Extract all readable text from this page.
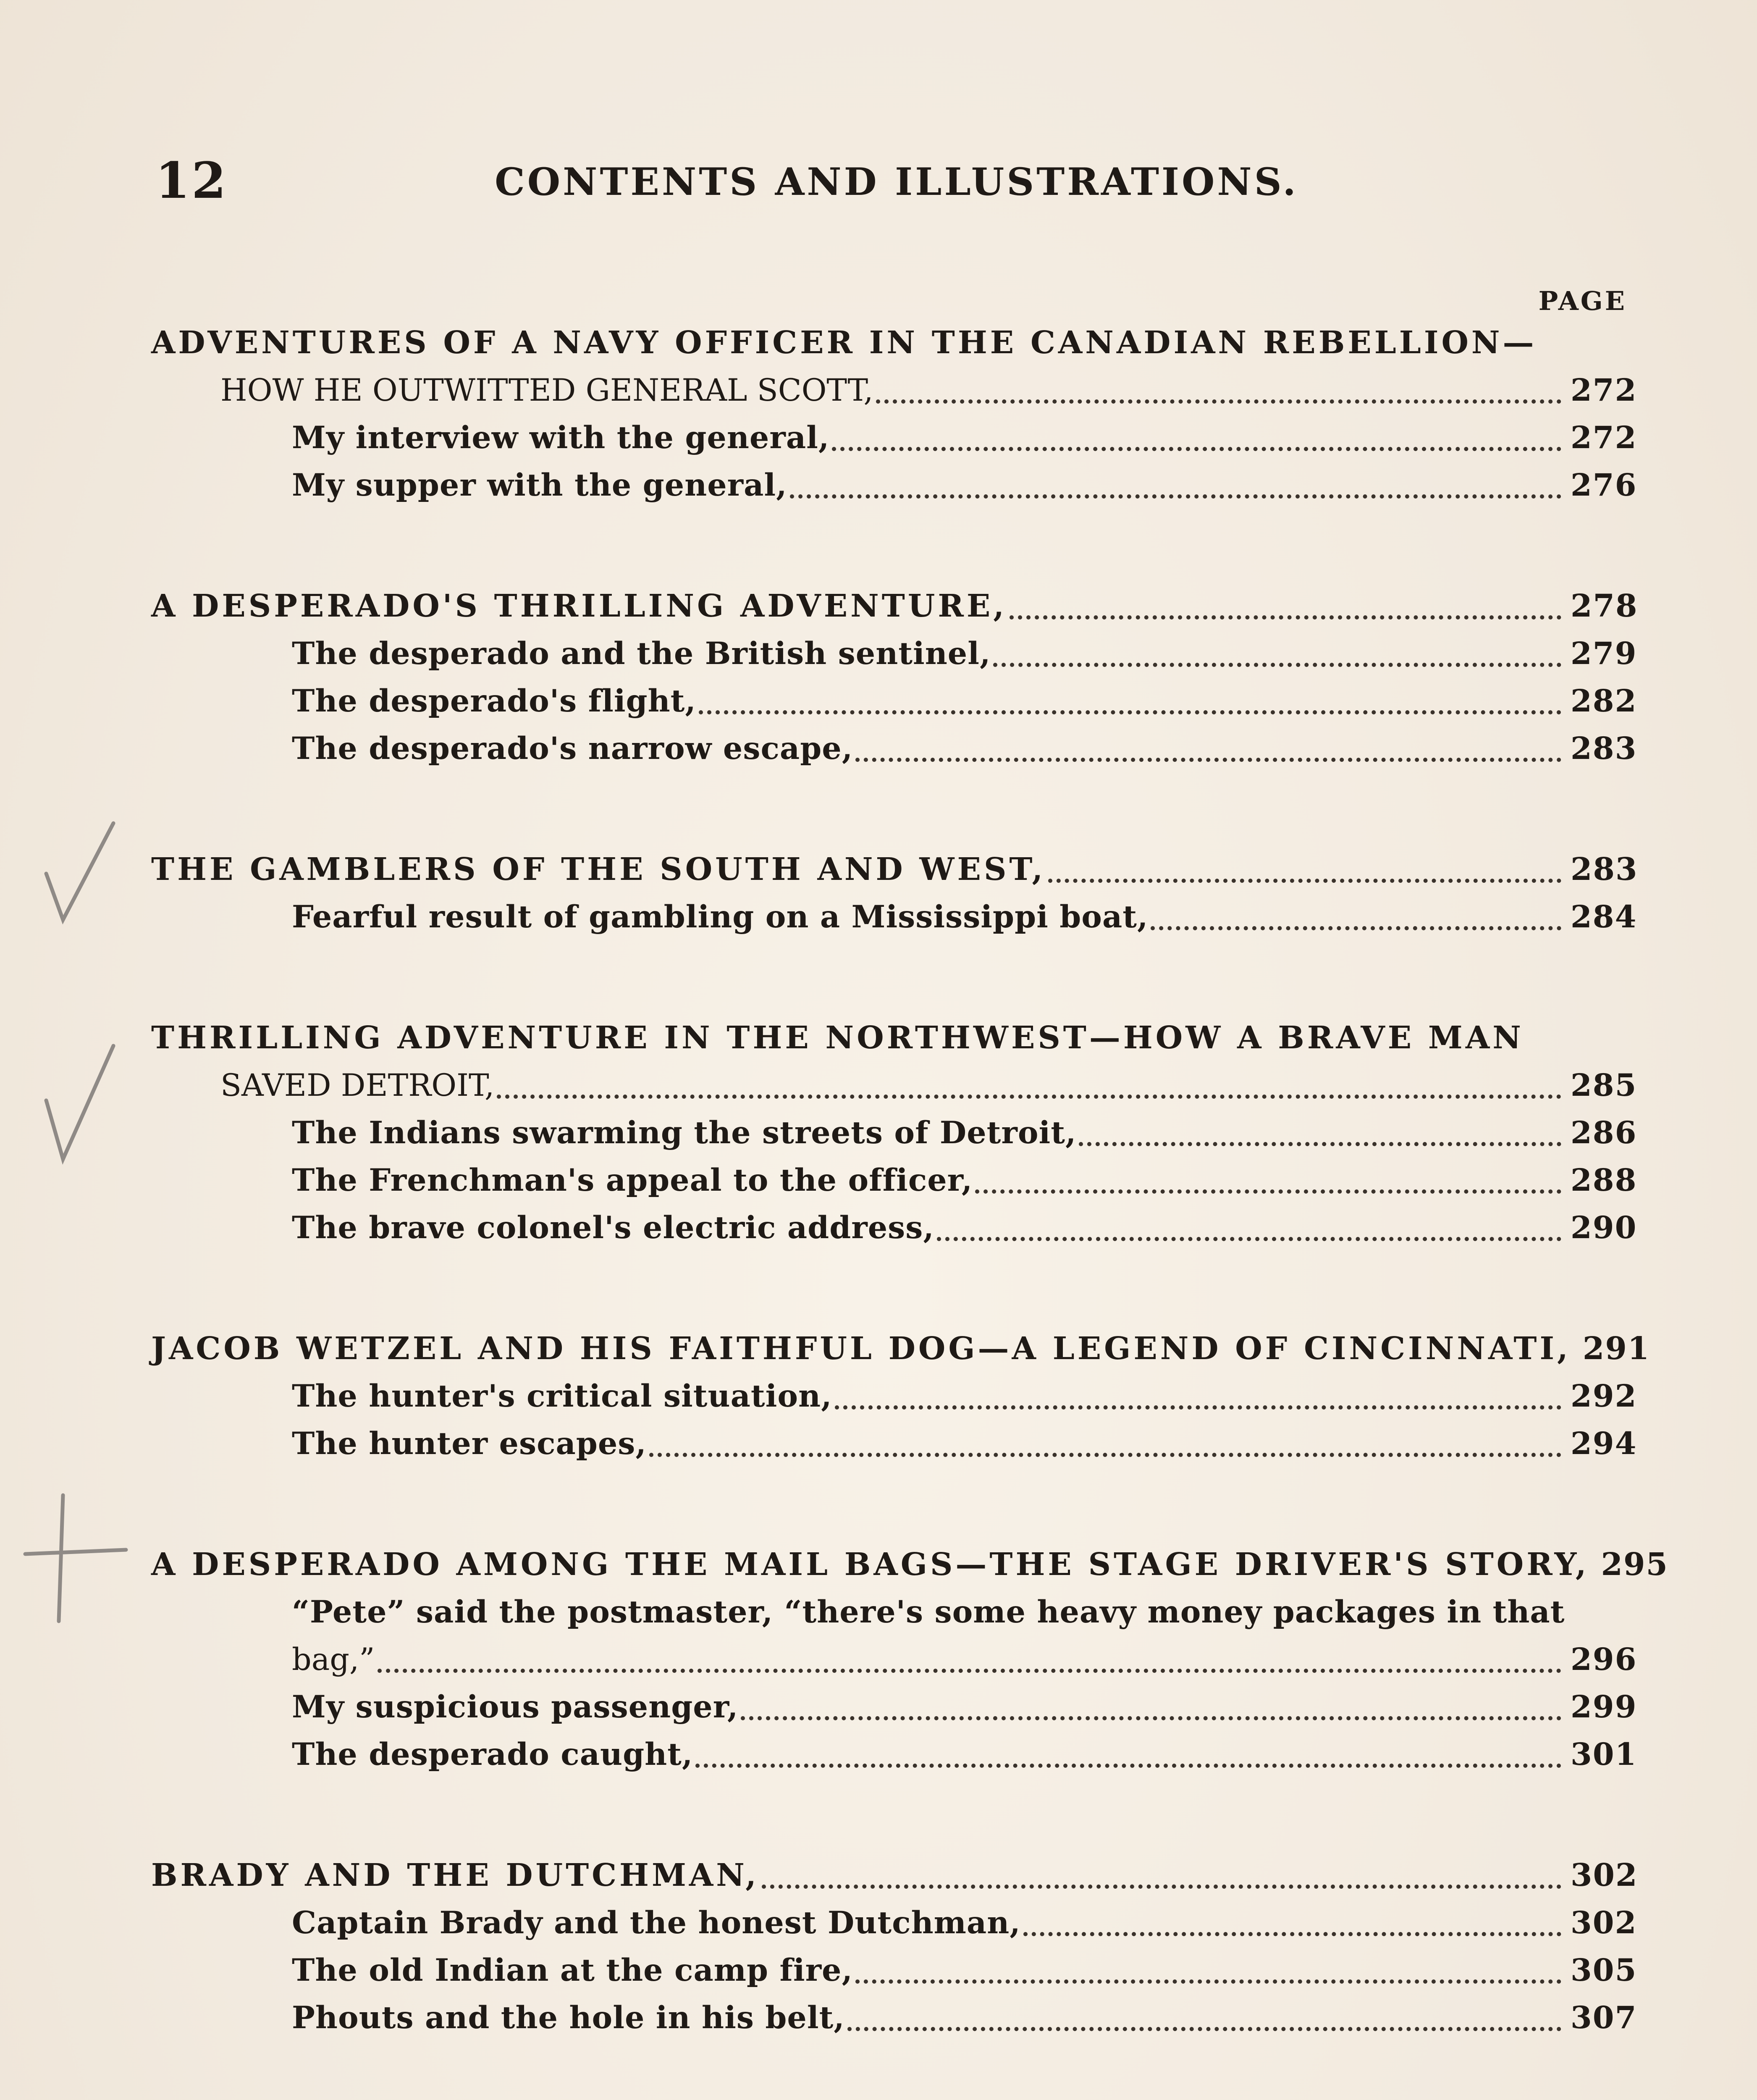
12	CONTENTS AND ILLUSTRATIONS.
PAGE
ADVENTURES OF A NAVY OFFICER IN THE CANADIAN REBELLION—
HOW HE OUTWITTED GENERAL SCOTT,	272
My interview with the general,	272
My supper with the general,	276
A DESPERADO'S THRILLING ADVENTURE,	278
The desperado and the British sentinel,	279
The desperado's flight,	282
The desperado's narrow escape,	283
THE GAMBLERS OF THE SOUTH AND WEST,	283
Fearful result of gambling on a Mississippi boat,	284
THRILLING ADVENTURE IN THE NORTHWEST—HOW A BRAVE MAN
SAVED DETROIT,	285
The Indians swarming the streets of Detroit,	286
The Frenchman's appeal to the officer,	288
The brave colonel's electric address,	290
JACOB WETZEL AND HIS FAITHFUL DOG—A LEGEND OF CINCINNATI, 291
The hunter's critical situation,	292
The hunter escapes,	294
A DESPERADO AMONG THE MAIL BAGS—THE STAGE DRIVER'S STORY, 295
“Pete” said the postmaster, “there's some heavy money packages in that
bag,”	296
My suspicious passenger,	299
The desperado caught,	301
BRADY AND THE DUTCHMAN,	302
Captain Brady and the honest Dutchman,	302
The old Indian at the camp fire,	305
Phouts and the hole in his belt,	307
